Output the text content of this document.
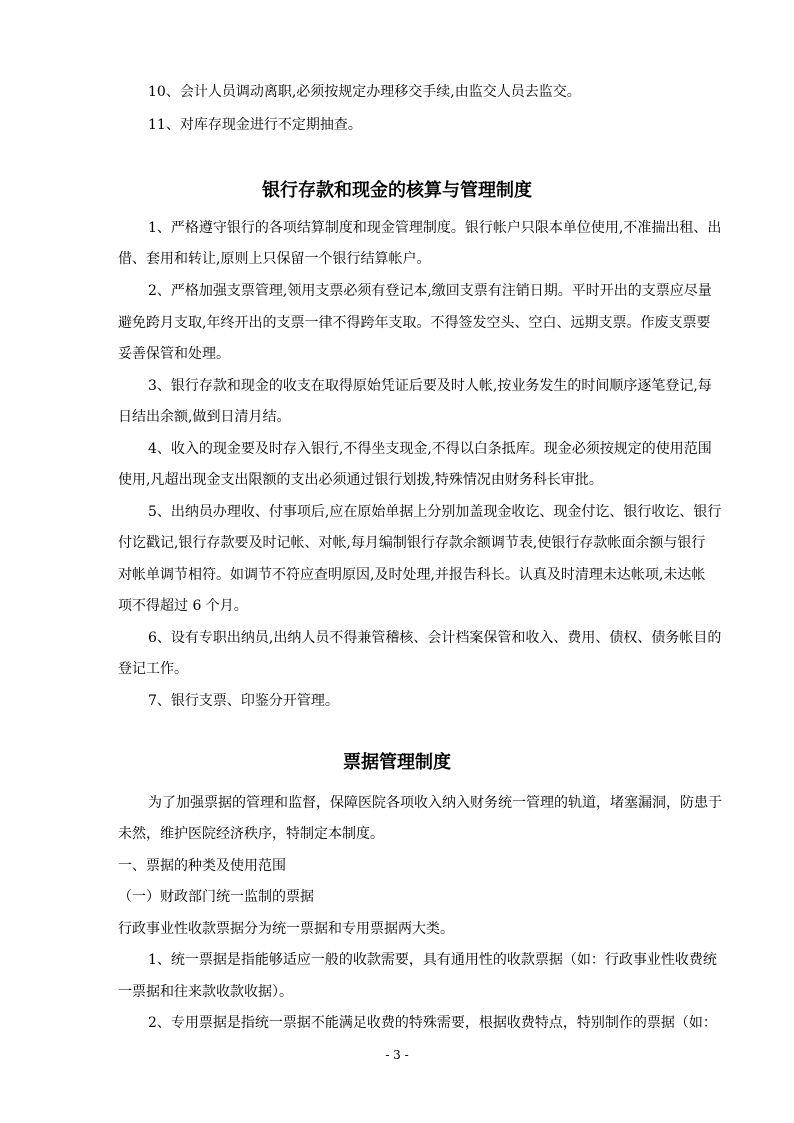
10、会计人员调动离职,必须按规定办理移交手续,由监交人员去监交。
11、对库存现金进行不定期抽查。
银行存款和现金的核算与管理制度
1、严格遵守银行的各项结算制度和现金管理制度。银行帐户只限本单位使用,不准揣出租、出
借、套用和转让,原则上只保留一个银行结算帐户。
2、严格加强支票管理,领用支票必须有登记本,缴回支票有注销日期。平时开出的支票应尽量
避免跨月支取,年终开出的支票一律不得跨年支取。不得签发空头、空白、远期支票。作废支票要
妥善保管和处理。
3、银行存款和现金的收支在取得原始凭证后要及时人帐,按业务发生的时间顺序逐笔登记,每
日结出余额,做到日清月结。
4、收入的现金要及时存入银行,不得坐支现金,不得以白条抵库。现金必须按规定的使用范围
使用,凡超出现金支出限额的支出必须通过银行划拨,特殊情况由财务科长审批。
5、出纳员办理收、付事项后,应在原始单据上分别加盖现金收讫、现金付讫、银行收讫、银行
付讫戳记,银行存款要及时记帐、对帐,每月编制银行存款余额调节表,使银行存款帐面余额与银行
对帐单调节相符。如调节不符应查明原因,及时处理,并报告科长。认真及时清理未达帐项,未达帐
项不得超过 6 个月。
6、设有专职出纳员,出纳人员不得兼管稽核、会计档案保管和收入、费用、债权、债务帐目的
登记工作。
7、银行支票、印鉴分开管理。
票据管理制度
为了加强票据的管理和监督，保障医院各项收入纳入财务统一管理的轨道，堵塞漏洞，防患于
未然，维护医院经济秩序，特制定本制度。
一、票据的种类及使用范围
（一）财政部门统一监制的票据
行政事业性收款票据分为统一票据和专用票据两大类。
1、统一票据是指能够适应一般的收款需要，具有通用性的收款票据（如：行政事业性收费统
一票据和往来款收款收据）。
2、专用票据是指统一票据不能满足收费的特殊需要，根据收费特点，特别制作的票据（如：
- 3 -
